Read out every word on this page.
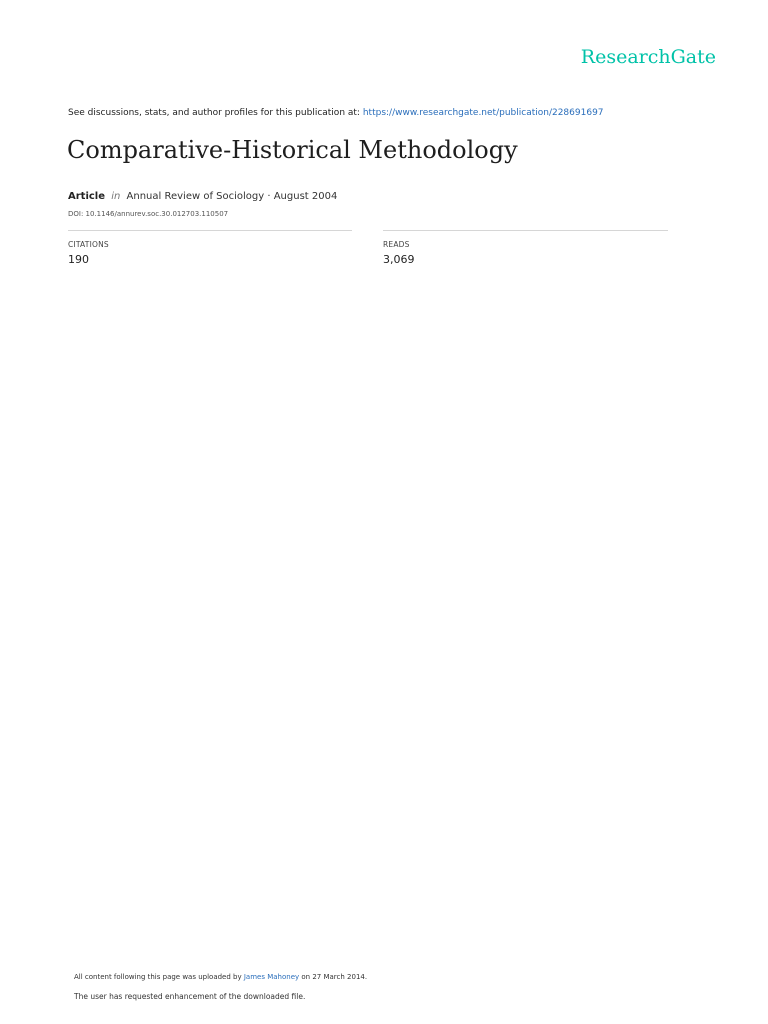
ResearchGate
See discussions, stats, and author profiles for this publication at: https://www.researchgate.net/publication/228691697
Comparative-Historical Methodology
Article in Annual Review of Sociology · August 2004
DOI: 10.1146/annurev.soc.30.012703.110507
CITATIONS
190
READS
3,069
All content following this page was uploaded by James Mahoney on 27 March 2014.
The user has requested enhancement of the downloaded file.
